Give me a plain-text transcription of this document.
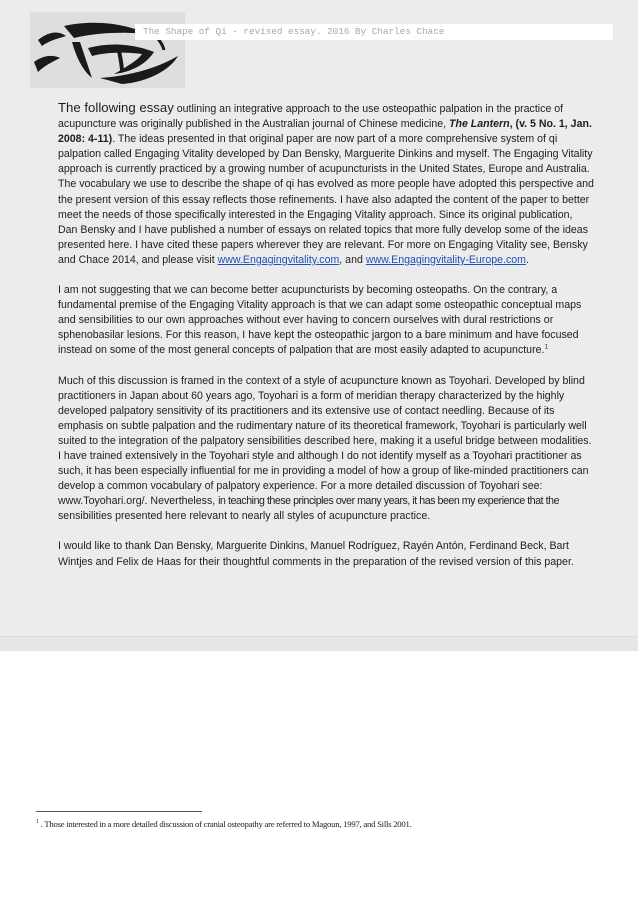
The Shape of Qi - revised essay. 2016 By Charles Chace

The following essay outlining an integrative approach to the use osteopathic palpation in the practice of acupuncture was originally published in the Australian journal of Chinese medicine, The Lantern, (v. 5 No. 1, Jan. 2008: 4-11). The ideas presented in that original paper are now part of a more comprehensive system of qi palpation called Engaging Vitality developed by Dan Bensky, Marguerite Dinkins and myself. The Engaging Vitality approach is currently practiced by a growing number of acupuncturists in the United States, Europe and Australia. The vocabulary we use to describe the shape of qi has evolved as more people have adopted this perspective and the present version of this essay reflects those refinements. I have also adapted the content of the paper to better meet the needs of those specifically interested in the Engaging Vitality approach. Since its original publication, Dan Bensky and I have published a number of essays on related topics that more fully develop some of the ideas presented here. I have cited these papers wherever they are relevant. For more on Engaging Vitality see, Bensky and Chace 2014, and please visit www.Engagingvitality.com, and www.Engagingvitality-Europe.com.

I am not suggesting that we can become better acupuncturists by becoming osteopaths. On the contrary, a fundamental premise of the Engaging Vitality approach is that we can adapt some osteopathic conceptual maps and sensibilities to our own approaches without ever having to concern ourselves with dural restrictions or sphenobasilar lesions. For this reason, I have kept the osteopathic jargon to a bare minimum and have focused instead on some of the most general concepts of palpation that are most easily adapted to acupuncture.$^1$

Much of this discussion is framed in the context of a style of acupuncture known as Toyohari. Developed by blind practitioners in Japan about 60 years ago, Toyohari is a form of meridian therapy characterized by the highly developed palpatory sensitivity of its practitioners and its extensive use of contact needling. Because of its emphasis on subtle palpation and the rudimentary nature of its theoretical framework, Toyohari is particularly well suited to the integration of the palpatory sensibilities described here, making it a useful bridge between modalities. I have trained extensively in the Toyohari style and although I do not identify myself as a Toyohari practitioner as such, it has been especially influential for me in providing a model of how a group of like-minded practitioners can develop a common vocabulary of palpatory experience. For a more detailed discussion of Toyohari see: www.Toyohari.org/. Nevertheless, in teaching these principles over many years, it has been my experience that the sensibilities presented here relevant to nearly all styles of acupuncture practice.

I would like to thank Dan Bensky, Marguerite Dinkins, Manuel Rodríguez, Rayén Antón, Ferdinand Beck, Bart Wintjes and Felix de Haas for their thoughtful comments in the preparation of the revised version of this paper.

$^1$ . Those interested in a more detailed discussion of cranial osteopathy are referred to Magoun, 1997, and Sills 2001.
